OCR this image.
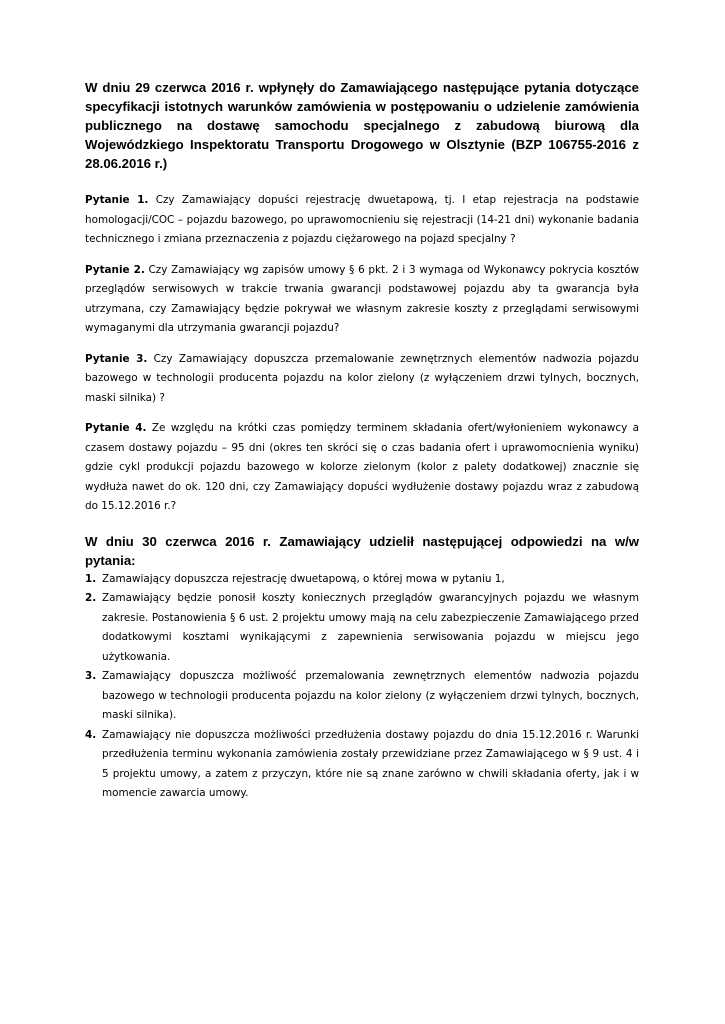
W dniu 29 czerwca 2016 r. wpłynęły do Zamawiającego następujące pytania dotyczące specyfikacji istotnych warunków zamówienia w postępowaniu o udzielenie zamówienia publicznego na dostawę samochodu specjalnego z zabudową biurową dla Wojewódzkiego Inspektoratu Transportu Drogowego w Olsztynie (BZP 106755-2016 z 28.06.2016 r.)

Pytanie 1. Czy Zamawiający dopuści rejestrację dwuetapową, tj. I etap rejestracja na podstawie homologacji/COC – pojazdu bazowego, po uprawomocnieniu się rejestracji (14-21 dni) wykonanie badania technicznego i zmiana przeznaczenia z pojazdu ciężarowego na pojazd specjalny ?

Pytanie 2. Czy Zamawiający wg zapisów umowy § 6 pkt. 2 i 3 wymaga od Wykonawcy pokrycia kosztów przeglądów serwisowych w trakcie trwania gwarancji podstawowej pojazdu aby ta gwarancja była utrzymana, czy Zamawiający będzie pokrywał we własnym zakresie koszty z przeglądami serwisowymi wymaganymi dla utrzymania gwarancji pojazdu?

Pytanie 3. Czy Zamawiający dopuszcza przemalowanie zewnętrznych elementów nadwozia pojazdu bazowego w technologii producenta pojazdu na kolor zielony (z wyłączeniem drzwi tylnych, bocznych, maski silnika) ?

Pytanie 4. Ze względu na krótki czas pomiędzy terminem składania ofert/wyłonieniem wykonawcy a czasem dostawy pojazdu – 95 dni (okres ten skróci się o czas badania ofert i uprawomocnienia wyniku) gdzie cykl produkcji pojazdu bazowego w kolorze zielonym (kolor z palety dodatkowej) znacznie się wydłuża nawet do ok. 120 dni, czy Zamawiający dopuści wydłużenie dostawy pojazdu wraz z zabudową do 15.12.2016 r.?

W dniu 30 czerwca 2016 r. Zamawiający udzielił następującej odpowiedzi na w/w pytania:

1. Zamawiający dopuszcza rejestrację dwuetapową, o której mowa w pytaniu 1,
2. Zamawiający będzie ponosił koszty koniecznych przeglądów gwarancyjnych pojazdu we własnym zakresie. Postanowienia § 6 ust. 2 projektu umowy mają na celu zabezpieczenie Zamawiającego przed dodatkowymi kosztami wynikającymi z zapewnienia serwisowania pojazdu w miejscu jego użytkowania.
3. Zamawiający dopuszcza możliwość przemalowania zewnętrznych elementów nadwozia pojazdu bazowego w technologii producenta pojazdu na kolor zielony (z wyłączeniem drzwi tylnych, bocznych, maski silnika).
4. Zamawiający nie dopuszcza możliwości przedłużenia dostawy pojazdu do dnia 15.12.2016 r. Warunki przedłużenia terminu wykonania zamówienia zostały przewidziane przez Zamawiającego w § 9 ust. 4 i 5 projektu umowy, a zatem z przyczyn, które nie są znane zarówno w chwili składania oferty, jak i w momencie zawarcia umowy.
